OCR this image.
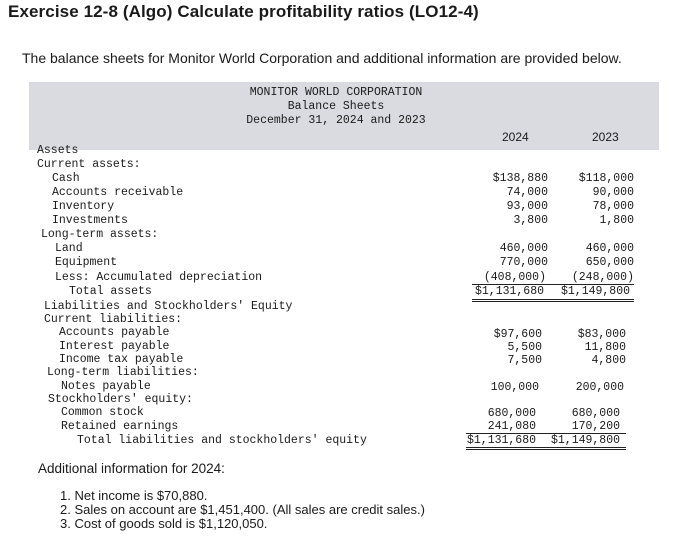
Exercise 12-8 (Algo) Calculate profitability ratios (LO12-4)
The balance sheets for Monitor World Corporation and additional information are provided below.
MONITOR WORLD CORPORATION
Balance Sheets
December 31, 2024 and 2023
2024	2023
Assets
Current assets:
Cash
Accounts receivable
Inventory
Investments
Long-term assets:
Land
Equipment
Less: Accumulated depreciation
Total assets
Liabilities and Stockholders' Equity
Current liabilities:
Accounts payable
Interest payable
Income tax payable
Long-term liabilities:
Notes payable
Stockholders' equity:
Common stock
Retained earnings
Total liabilities and stockholders' equity
$138,880
74,000
93,000
3,800
460,000
770,000
(408,000)
$1,131,680
$97,600
5,500
7,500
100,000
680,000
241,080
$1,131,680
$118,000
90,000
78,000
1,800
460,000
650,000
(248,000)
$1,149,800
$83,000
11,800
4,800
200,000
680,000
170,200
$1,149,800
Additional information for 2024:
1. Net income is $70,880.
2. Sales on account are $1,451,400. (All sales are credit sales.)
3. Cost of goods sold is $1,120,050.
